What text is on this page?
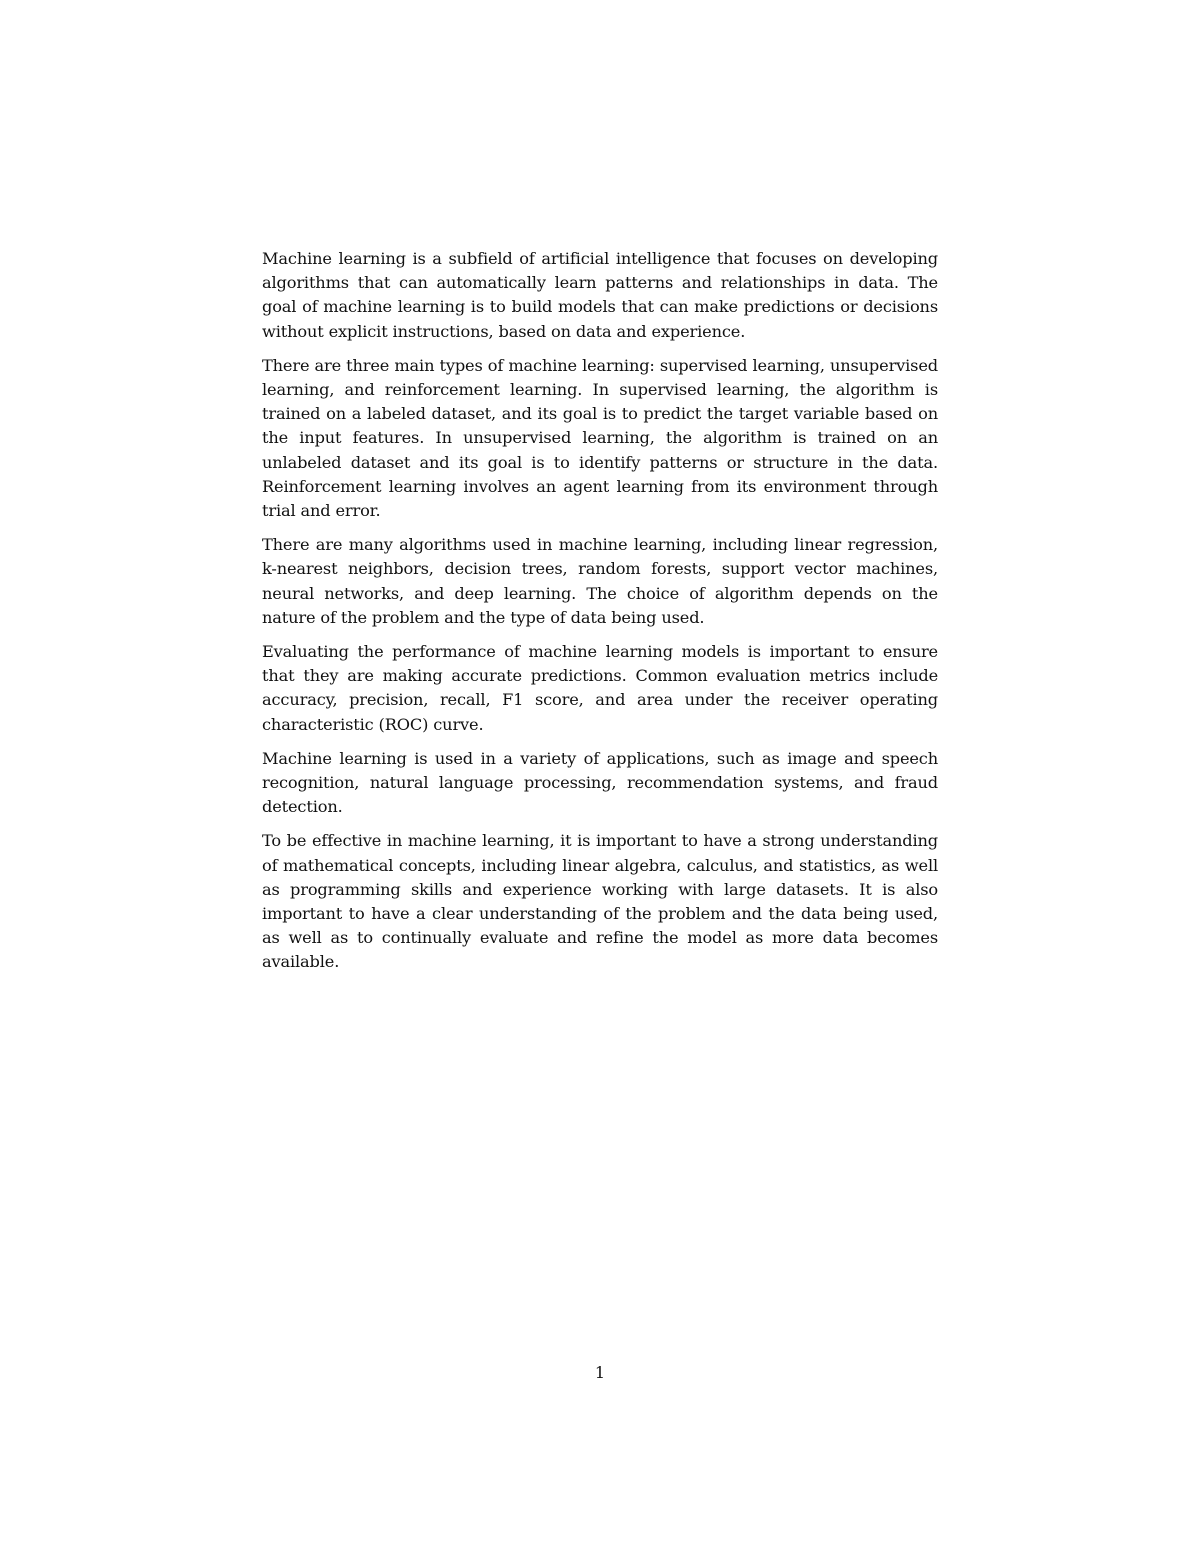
Machine learning is a subfield of artificial intelligence that focuses on developing algorithms that can automatically learn patterns and relationships in data. The goal of machine learning is to build models that can make predictions or decisions without explicit instructions, based on data and experience.

There are three main types of machine learning: supervised learning, unsupervised learning, and reinforcement learning. In supervised learning, the algorithm is trained on a labeled dataset, and its goal is to predict the target variable based on the input features. In unsupervised learning, the algorithm is trained on an unlabeled dataset and its goal is to identify patterns or structure in the data. Reinforcement learning involves an agent learning from its environment through trial and error.

There are many algorithms used in machine learning, including linear regression, k-nearest neighbors, decision trees, random forests, support vector machines, neural networks, and deep learning. The choice of algorithm depends on the nature of the problem and the type of data being used.

Evaluating the performance of machine learning models is important to ensure that they are making accurate predictions. Common evaluation metrics include accuracy, precision, recall, F1 score, and area under the receiver operating characteristic (ROC) curve.

Machine learning is used in a variety of applications, such as image and speech recognition, natural language processing, recommendation systems, and fraud detection.

To be effective in machine learning, it is important to have a strong understanding of mathematical concepts, including linear algebra, calculus, and statistics, as well as programming skills and experience working with large datasets. It is also important to have a clear understanding of the problem and the data being used, as well as to continually evaluate and refine the model as more data becomes available.

1
